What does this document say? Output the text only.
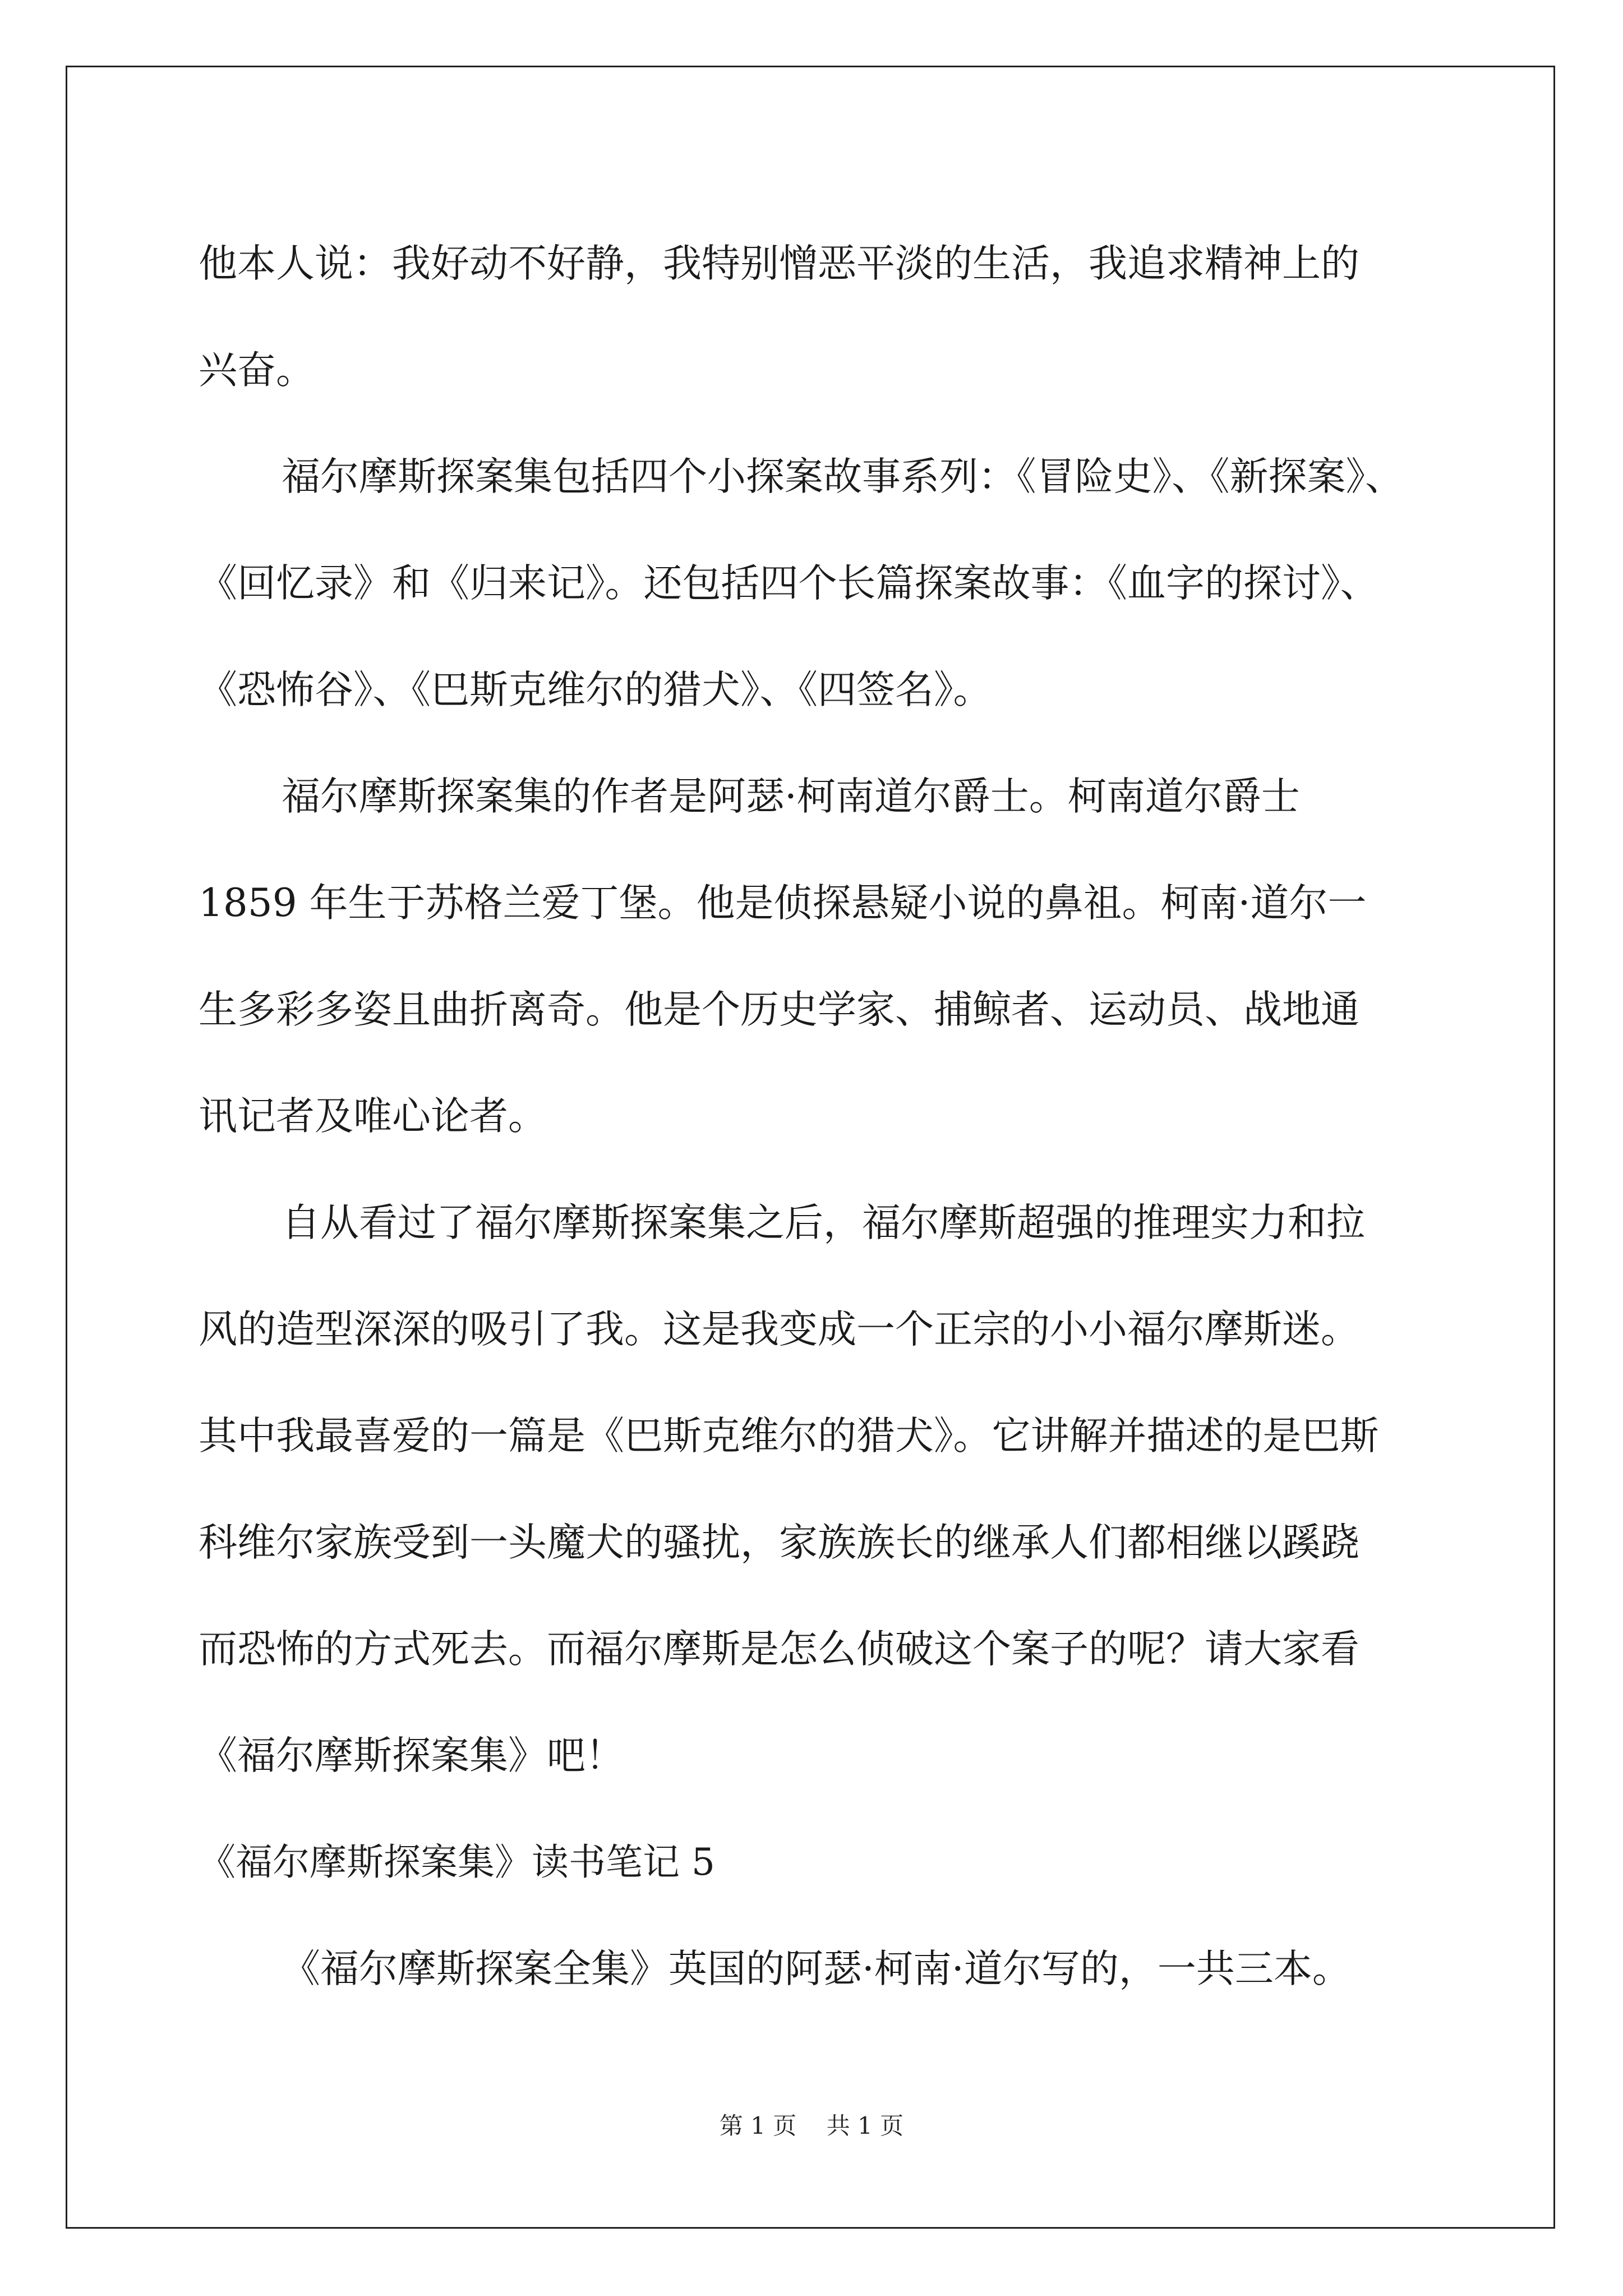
他本人说：我好动不好静，我特别憎恶平淡的生活，我追求精神上的
兴奋。
福尔摩斯探案集包括四个小探案故事系列：《冒险史》、《新探案》、
《回忆录》和《归来记》。还包括四个长篇探案故事：《血字的探讨》、
《恐怖谷》、《巴斯克维尔的猎犬》、《四签名》。
福尔摩斯探案集的作者是阿瑟·柯南道尔爵士。柯南道尔爵士
1859 年生于苏格兰爱丁堡。他是侦探悬疑小说的鼻祖。柯南·道尔一
生多彩多姿且曲折离奇。他是个历史学家、捕鲸者、运动员、战地通
讯记者及唯心论者。
自从看过了福尔摩斯探案集之后，福尔摩斯超强的推理实力和拉
风的造型深深的吸引了我。这是我变成一个正宗的小小福尔摩斯迷。
其中我最喜爱的一篇是《巴斯克维尔的猎犬》。它讲解并描述的是巴斯
科维尔家族受到一头魔犬的骚扰，家族族长的继承人们都相继以蹊跷
而恐怖的方式死去。而福尔摩斯是怎么侦破这个案子的呢？请大家看
《福尔摩斯探案集》吧！
《福尔摩斯探案集》读书笔记 5
《福尔摩斯探案全集》英国的阿瑟·柯南·道尔写的，一共三本。
第 1 页    共 1 页
